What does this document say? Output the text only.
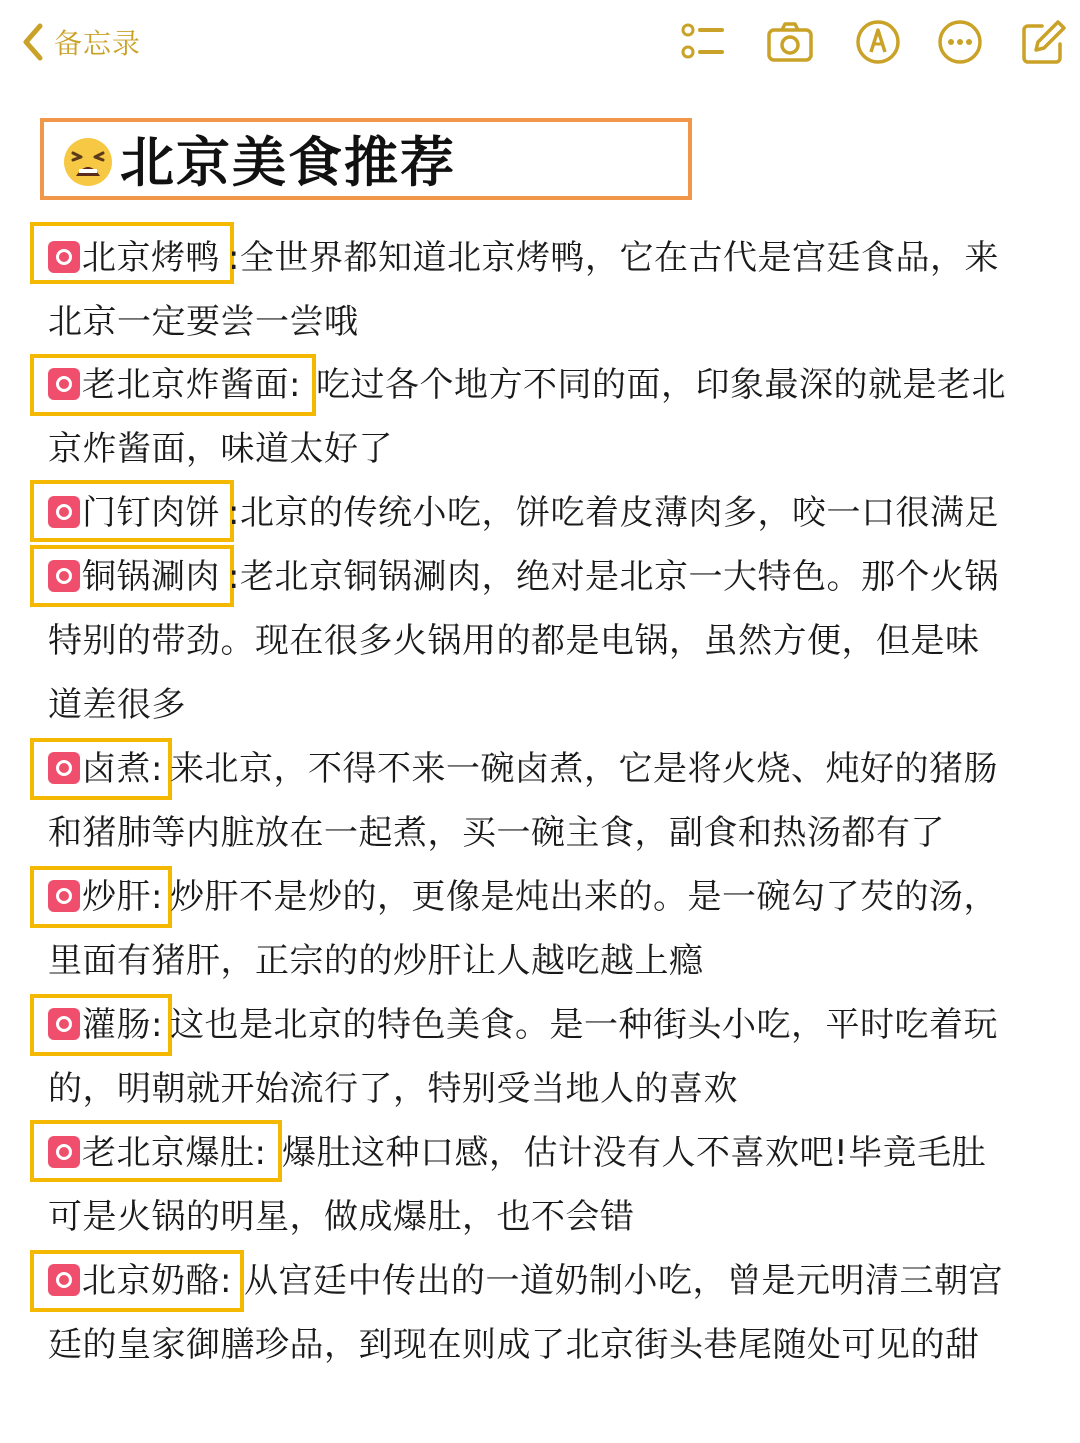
备忘录
北京美食推荐
北京烤鸭 :全世界都知道北京烤鸭，它在古代是宫廷食品，来
北京一定要尝一尝哦
老北京炸酱面: 吃过各个地方不同的面，印象最深的就是老北
京炸酱面，味道太好了
门钉肉饼 :北京的传统小吃，饼吃着皮薄肉多，咬一口很满足
铜锅涮肉 :老北京铜锅涮肉，绝对是北京一大特色。那个火锅
特别的带劲。现在很多火锅用的都是电锅，虽然方便，但是味
道差很多
卤煮: 来北京，不得不来一碗卤煮，它是将火烧、炖好的猪肠
和猪肺等内脏放在一起煮，买一碗主食，副食和热汤都有了
炒肝: 炒肝不是炒的，更像是炖出来的。是一碗勾了芡的汤，
里面有猪肝，正宗的的炒肝让人越吃越上瘾
灌肠: 这也是北京的特色美食。是一种街头小吃，平时吃着玩
的，明朝就开始流行了，特别受当地人的喜欢
老北京爆肚: 爆肚这种口感，估计没有人不喜欢吧!毕竟毛肚
可是火锅的明星，做成爆肚，也不会错
北京奶酪: 从宫廷中传出的一道奶制小吃，曾是元明清三朝宫
廷的皇家御膳珍品，到现在则成了北京街头巷尾随处可见的甜
